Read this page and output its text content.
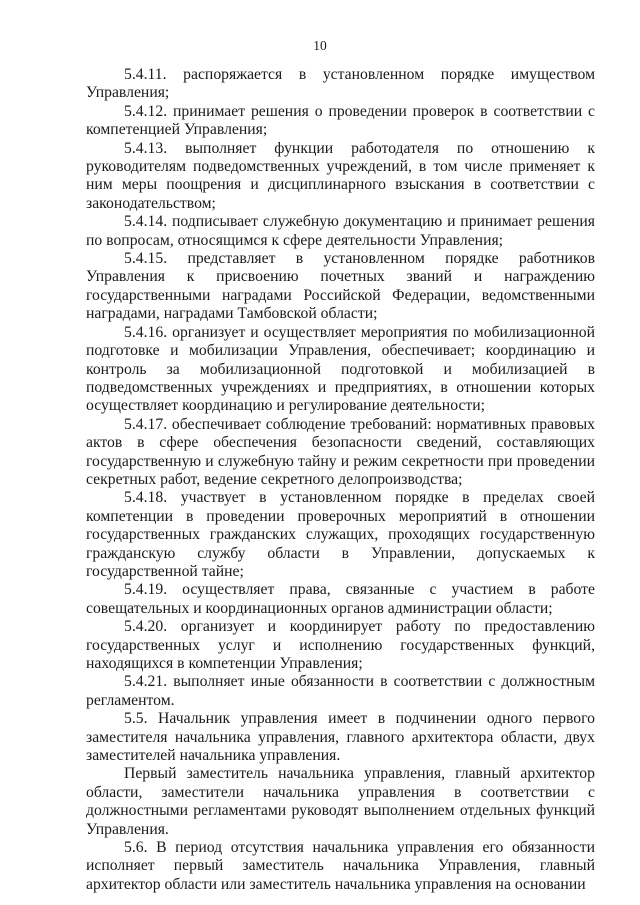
10

5.4.11. распоряжается в установленном порядке имуществом Управления;

5.4.12. принимает решения о проведении проверок в соответствии с компетенцией Управления;

5.4.13. выполняет функции работодателя по отношению к руководителям подведомственных учреждений, в том числе применяет к ним меры поощрения и дисциплинарного взыскания в соответствии с законодательством;

5.4.14. подписывает служебную документацию и принимает решения по вопросам, относящимся к сфере деятельности Управления;

5.4.15. представляет в установленном порядке работников Управления к присвоению почетных званий и награждению государственными наградами Российской Федерации, ведомственными наградами, наградами Тамбовской области;

5.4.16. организует и осуществляет мероприятия по мобилизационной подготовке и мобилизации Управления, обеспечивает; координацию и контроль за мобилизационной подготовкой и мобилизацией в подведомственных учреждениях и предприятиях, в отношении которых осуществляет координацию и регулирование деятельности;

5.4.17. обеспечивает соблюдение требований: нормативных правовых актов в сфере обеспечения безопасности сведений, составляющих государственную и служебную тайну и режим секретности при проведении секретных работ, ведение секретного делопроизводства;

5.4.18. участвует в установленном порядке в пределах своей компетенции в проведении проверочных мероприятий в отношении государственных гражданских служащих, проходящих государственную гражданскую службу области в Управлении, допускаемых к государственной тайне;

5.4.19. осуществляет права, связанные с участием в работе совещательных и координационных органов администрации области;

5.4.20. организует и координирует работу по предоставлению государственных услуг и исполнению государственных функций, находящихся в компетенции Управления;

5.4.21. выполняет иные обязанности в соответствии с должностным регламентом.

5.5. Начальник управления имеет в подчинении одного первого заместителя начальника управления, главного архитектора области, двух заместителей начальника управления.

Первый заместитель начальника управления, главный архитектор области, заместители начальника управления в соответствии с должностными регламентами руководят выполнением отдельных функций Управления.

5.6. В период отсутствия начальника управления его обязанности исполняет первый заместитель начальника Управления, главный архитектор области или заместитель начальника управления на основании
